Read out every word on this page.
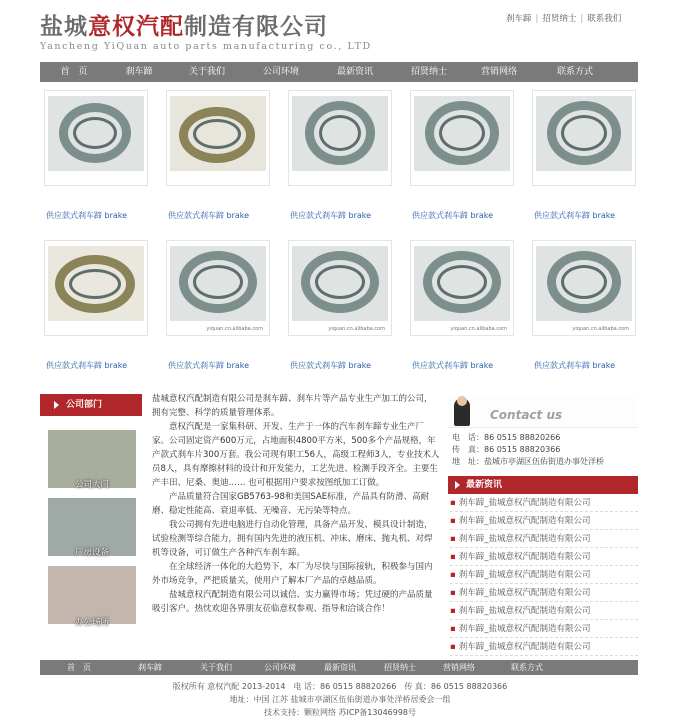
盐城意权汽配制造有限公司
Yancheng YiQuan auto parts manufacturing co., LTD
刹车蹄 | 招贤纳士 | 联系我们
首　页	刹车蹄	关于我们	公司环境	最新资讯	招贤纳士	营销网络	联系方式
供应款式刹车蹄 brake	供应款式刹车蹄 brake	供应款式刹车蹄 brake	供应款式刹车蹄 brake	供应款式刹车蹄 brake
供应款式刹车蹄 brake
yiquan.cn.alibaba.com
供应款式刹车蹄 brake
yiquan.cn.alibaba.com
供应款式刹车蹄 brake
yiquan.cn.alibaba.com
供应款式刹车蹄 brake
yiquan.cn.alibaba.com
供应款式刹车蹄 brake
公司部门
公司大门
厂房设备
办公场所

盐城意权汽配制造有限公司是刹车蹄、刹车片等产品专业生产加工的公司，拥有完整、科学的质量管理体系。

意权汽配是一家集科研、开发、生产于一体的汽车刹车蹄专业生产厂家。公司固定资产600万元，占地面积4800平方米，500多个产品规格，年产款式刹车片300万套。我公司现有职工56人，高级工程师3人，专业技术人员8人，具有摩擦材料的设计和开发能力，工艺先进、检测手段齐全。主要生产丰田、尼桑、奥迪…… 也可根据用户要求按图纸加工订做。

产品质量符合国家GB5763-98和美国SAE标准，产品具有防滑、高耐磨、稳定性能高、衰退率低、无噪音、无污染等特点。

我公司拥有先进电脑进行自动化管理，具备产品开发、模具设计制造，试验检测等综合能力，拥有国内先进的液压机、冲床、磨床、抛丸机、对焊机等设备，可订做生产各种汽车刹车蹄。

在全球经济一体化的大趋势下，本厂为尽快与国际接轨，积极参与国内外市场竞争，严把质量关，使用户了解本厂产品的卓越品质。

盐城意权汽配制造有限公司以诚信、实力赢得市场；凭过硬的产品质量吸引客户。热忱欢迎各界朋友莅临意权参观、指导和洽谈合作！

Contact us
电　话：86 0515 88820266
传　真：86 0515 88820366
地　址：盐城市亭湖区伍佑街道办事处洋桥
最新资讯
▪ 刹车蹄_盐城意权汽配制造有限公司
▪ 刹车蹄_盐城意权汽配制造有限公司
▪ 刹车蹄_盐城意权汽配制造有限公司
▪ 刹车蹄_盐城意权汽配制造有限公司
▪ 刹车蹄_盐城意权汽配制造有限公司
▪ 刹车蹄_盐城意权汽配制造有限公司
▪ 刹车蹄_盐城意权汽配制造有限公司
▪ 刹车蹄_盐城意权汽配制造有限公司
▪ 刹车蹄_盐城意权汽配制造有限公司
首　页	刹车蹄	关于我们	公司环境	最新资讯	招贤纳士	营销网络	联系方式
版权所有 意权汽配 2013-2014　电 话：86 0515 88820266　传 真：86 0515 88820366
地址：中国 江苏 盐城市亭湖区伍佑街道办事处洋桥居委会一组
技术支持：颗粒网络 苏ICP备13046998号
